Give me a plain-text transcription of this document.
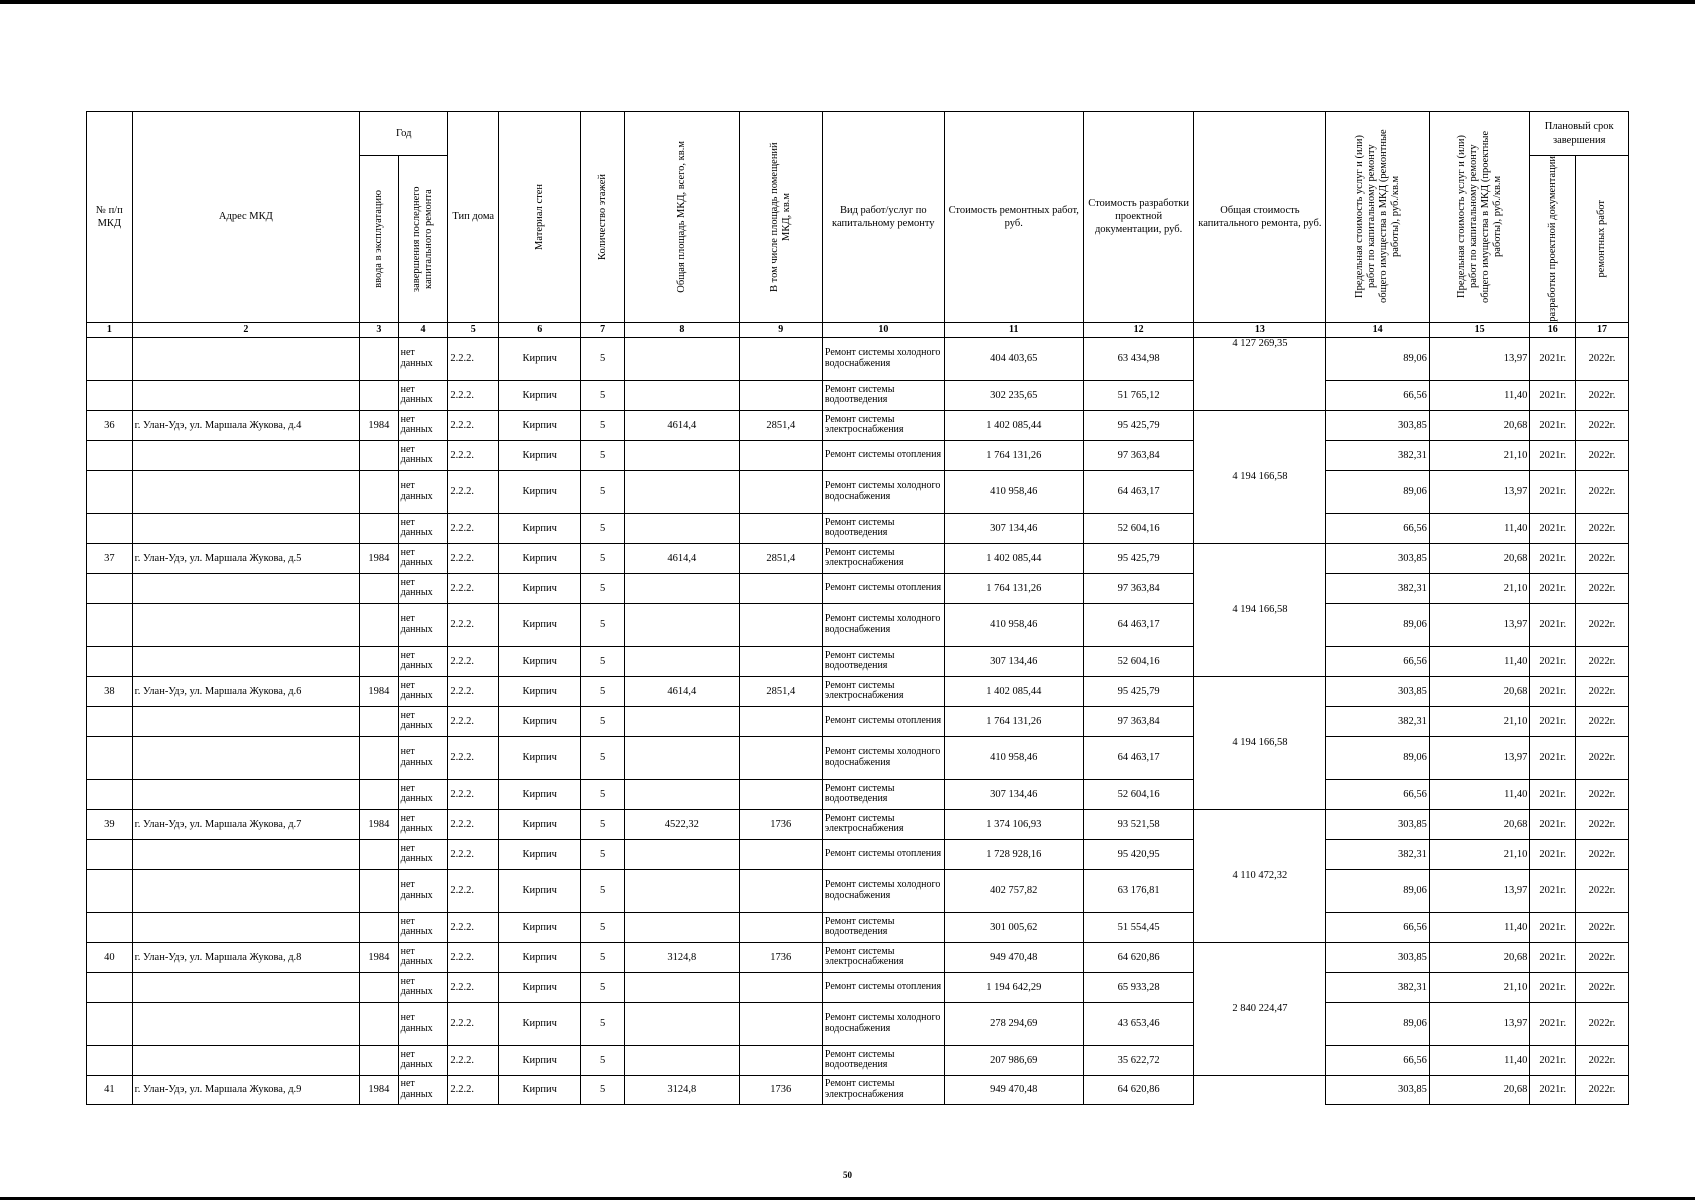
№ п/п МКД	Адрес МКД	Год		Тип дома	Материал стен	Количество этажей	Общая площадь МКД, всего, кв.м	В том числе площадь помещений МКД, кв.м	Вид работ/услуг по капитальному ремонту	Стоимость ремонтных работ, руб.	Стоимость разработки проектной документации, руб.	Общая стоимость капитального ремонта, руб.	Предельная стоимость услуг и (или) работ по капитальному ремонту общего имущества в МКД (ремонтные работы), руб./кв.м	Предельная стоимость услуг и (или) работ по капитальному ремонту общего имущества в МКД (проектные работы), руб./кв.м	Плановый срок завершения	

		ввода в эксплуатацию	завершения последнего капитального ремонта												разработки проектной документации	ремонтных работ

1	2	3	4	5	6	7	8	9	10	11	12	13	14	15	16	17
			нет данных	2.2.2.	Кирпич	5			Ремонт системы холодного водоснабжения	404 403,65	63 434,98	4 127 269,35	89,06	13,97	2021г.	2022г.
			нет данных	2.2.2.	Кирпич	5			Ремонт системы водоотведения	302 235,65	51 765,12		66,56	11,40	2021г.	2022г.
36	г. Улан-Удэ, ул. Маршала Жукова, д.4	1984	нет данных	2.2.2.	Кирпич	5	4614,4	2851,4	Ремонт системы электроснабжения	1 402 085,44	95 425,79	4 194 166,58	303,85	20,68	2021г.	2022г.
			нет данных	2.2.2.	Кирпич	5			Ремонт системы отопления	1 764 131,26	97 363,84		382,31	21,10	2021г.	2022г.
			нет данных	2.2.2.	Кирпич	5			Ремонт системы холодного водоснабжения	410 958,46	64 463,17		89,06	13,97	2021г.	2022г.
			нет данных	2.2.2.	Кирпич	5			Ремонт системы водоотведения	307 134,46	52 604,16		66,56	11,40	2021г.	2022г.
37	г. Улан-Удэ, ул. Маршала Жукова, д.5	1984	нет данных	2.2.2.	Кирпич	5	4614,4	2851,4	Ремонт системы электроснабжения	1 402 085,44	95 425,79	4 194 166,58	303,85	20,68	2021г.	2022г.
			нет данных	2.2.2.	Кирпич	5			Ремонт системы отопления	1 764 131,26	97 363,84		382,31	21,10	2021г.	2022г.
			нет данных	2.2.2.	Кирпич	5			Ремонт системы холодного водоснабжения	410 958,46	64 463,17		89,06	13,97	2021г.	2022г.
			нет данных	2.2.2.	Кирпич	5			Ремонт системы водоотведения	307 134,46	52 604,16		66,56	11,40	2021г.	2022г.
38	г. Улан-Удэ, ул. Маршала Жукова, д.6	1984	нет данных	2.2.2.	Кирпич	5	4614,4	2851,4	Ремонт системы электроснабжения	1 402 085,44	95 425,79	4 194 166,58	303,85	20,68	2021г.	2022г.
			нет данных	2.2.2.	Кирпич	5			Ремонт системы отопления	1 764 131,26	97 363,84		382,31	21,10	2021г.	2022г.
			нет данных	2.2.2.	Кирпич	5			Ремонт системы холодного водоснабжения	410 958,46	64 463,17		89,06	13,97	2021г.	2022г.
			нет данных	2.2.2.	Кирпич	5			Ремонт системы водоотведения	307 134,46	52 604,16		66,56	11,40	2021г.	2022г.
39	г. Улан-Удэ, ул. Маршала Жукова, д.7	1984	нет данных	2.2.2.	Кирпич	5	4522,32	1736	Ремонт системы электроснабжения	1 374 106,93	93 521,58	4 110 472,32	303,85	20,68	2021г.	2022г.
			нет данных	2.2.2.	Кирпич	5			Ремонт системы отопления	1 728 928,16	95 420,95		382,31	21,10	2021г.	2022г.
			нет данных	2.2.2.	Кирпич	5			Ремонт системы холодного водоснабжения	402 757,82	63 176,81		89,06	13,97	2021г.	2022г.
			нет данных	2.2.2.	Кирпич	5			Ремонт системы водоотведения	301 005,62	51 554,45		66,56	11,40	2021г.	2022г.
40	г. Улан-Удэ, ул. Маршала Жукова, д.8	1984	нет данных	2.2.2.	Кирпич	5	3124,8	1736	Ремонт системы электроснабжения	949 470,48	64 620,86	2 840 224,47	303,85	20,68	2021г.	2022г.
			нет данных	2.2.2.	Кирпич	5			Ремонт системы отопления	1 194 642,29	65 933,28		382,31	21,10	2021г.	2022г.
			нет данных	2.2.2.	Кирпич	5			Ремонт системы холодного водоснабжения	278 294,69	43 653,46		89,06	13,97	2021г.	2022г.
			нет данных	2.2.2.	Кирпич	5			Ремонт системы водоотведения	207 986,69	35 622,72		66,56	11,40	2021г.	2022г.
41	г. Улан-Удэ, ул. Маршала Жукова, д.9	1984	нет данных	2.2.2.	Кирпич	5	3124,8	1736	Ремонт системы электроснабжения	949 470,48	64 620,86		303,85	20,68	2021г.	2022г.
50
